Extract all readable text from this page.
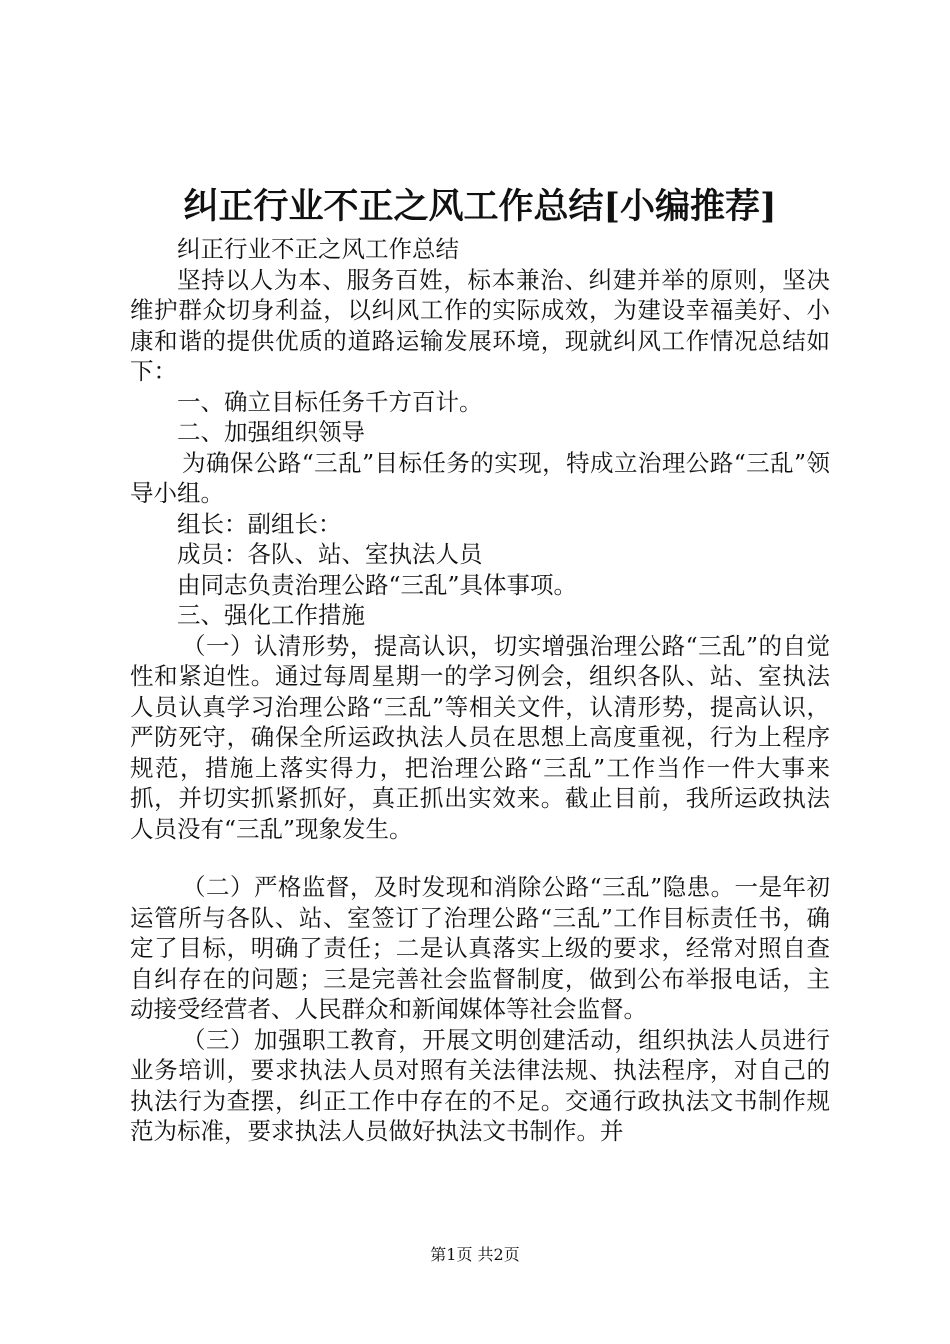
纠正行业不正之风工作总结[小编推荐]

纠正行业不正之风工作总结

坚持以人为本、服务百姓，标本兼治、纠建并举的原则，坚决维护群众切身利益，以纠风工作的实际成效，为建设幸福美好、小康和谐的提供优质的道路运输发展环境，现就纠风工作情况总结如下：

一、确立目标任务千方百计。

二、加强组织领导

为确保公路“三乱”目标任务的实现，特成立治理公路“三乱”领导小组。

组长：副组长：

成员：各队、站、室执法人员

由同志负责治理公路“三乱”具体事项。

三、强化工作措施

（一）认清形势，提高认识，切实增强治理公路“三乱”的自觉性和紧迫性。通过每周星期一的学习例会，组织各队、站、室执法人员认真学习治理公路“三乱”等相关文件，认清形势，提高认识，严防死守，确保全所运政执法人员在思想上高度重视，行为上程序规范，措施上落实得力，把治理公路“三乱”工作当作一件大事来抓，并切实抓紧抓好，真正抓出实效来。截止目前，我所运政执法人员没有“三乱”现象发生。

（二）严格监督，及时发现和消除公路“三乱”隐患。一是年初运管所与各队、站、室签订了治理公路“三乱”工作目标责任书，确定了目标，明确了责任；二是认真落实上级的要求，经常对照自查自纠存在的问题；三是完善社会监督制度，做到公布举报电话，主动接受经营者、人民群众和新闻媒体等社会监督。

（三）加强职工教育，开展文明创建活动，组织执法人员进行业务培训，要求执法人员对照有关法律法规、执法程序，对自己的执法行为查摆，纠正工作中存在的不足。交通行政执法文书制作规范为标准，要求执法人员做好执法文书制作。并

第1页 共2页
